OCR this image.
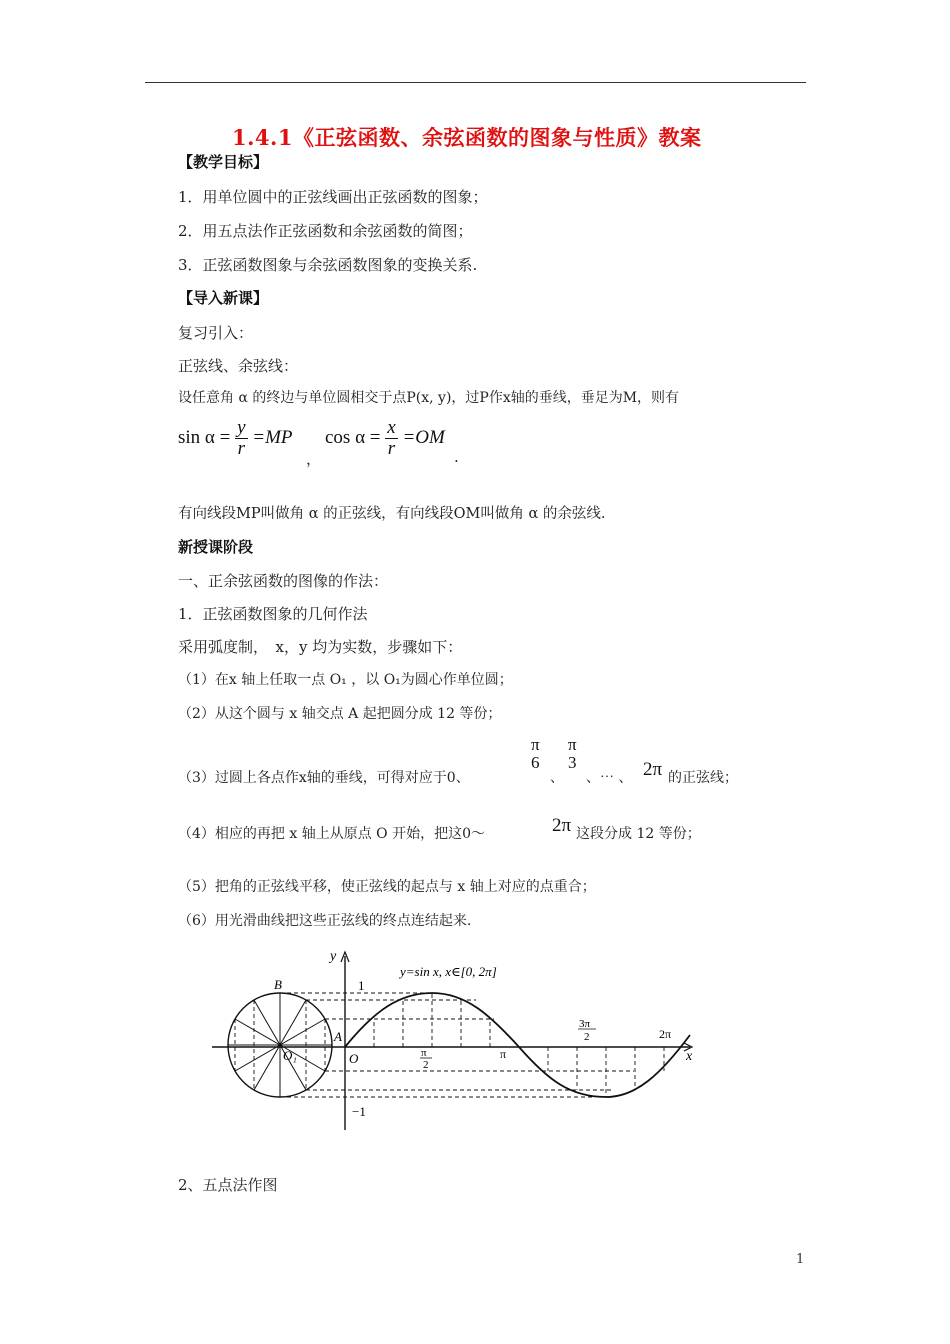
1.4.1《正弦函数、余弦函数的图象与性质》教案
【教学目标】
1．用单位圆中的正弦线画出正弦函数的图象；
2．用五点法作正弦函数和余弦函数的简图；
3．正弦函数图象与余弦函数图象的变换关系.
【导入新课】
复习引入：
正弦线、余弦线：
设任意角 α 的终边与单位圆相交于点P(x, y)，过P作x轴的垂线，垂足为M，则有
$\sin \alpha = \frac{y}{r} =MP$
，
$\cos \alpha = \frac{x}{r} =OM$
.
有向线段MP叫做角 α 的正弦线，有向线段OM叫做角 α 的余弦线.
新授课阶段
一、正余弦函数的图像的作法：
1．正弦函数图象的几何作法
采用弧度制，　x，y 均为实数，步骤如下：
（1）在x 轴上任取一点 O₁ ，以 O₁为圆心作单位圆；
（2）从这个圆与 x 轴交点 A 起把圆分成 12 等份；
（3）过圆上各点作x轴的垂线，可得对应于0、
π
6
、
π
3
、⋯ 、 2π 的正弦线；
（4）相应的再把 x 轴上从原点 O 开始，把这0～	2π 这段分成 12 等份；
（5）把角的正弦线平移，使正弦线的起点与 x 轴上对应的点重合；
（6）用光滑曲线把这些正弦线的终点连结起来.
y=sin x, x∈[0, 2π]
y
x
B
A
O
O₁
1
−1
π
2
π
3π
2	2π
2、五点法作图
1
